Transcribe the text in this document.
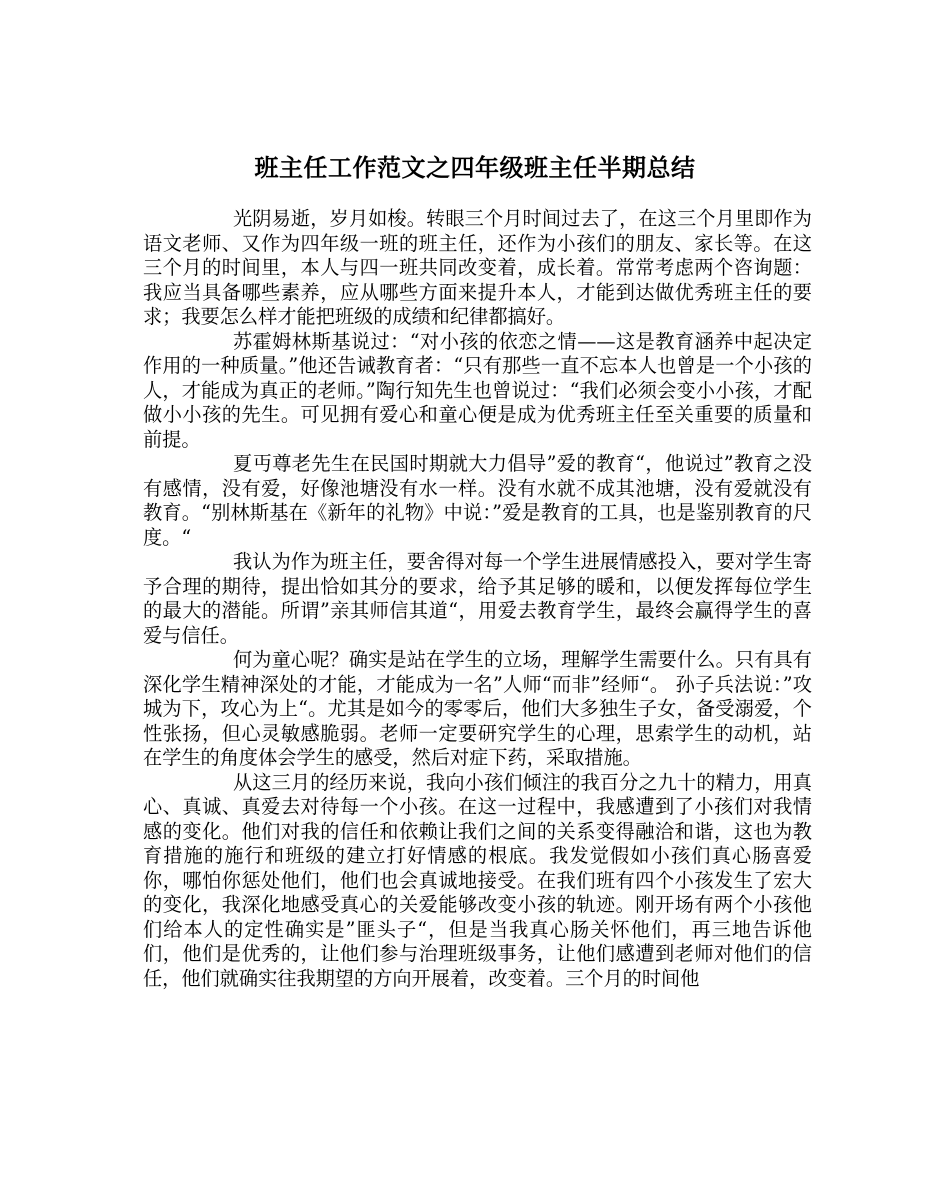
班主任工作范文之四年级班主任半期总结

光阴易逝，岁月如梭。转眼三个月时间过去了，在这三个月里即作为语文老师、又作为四年级一班的班主任，还作为小孩们的朋友、家长等。在这三个月的时间里，本人与四一班共同改变着，成长着。常常考虑两个咨询题：我应当具备哪些素养，应从哪些方面来提升本人，才能到达做优秀班主任的要求；我要怎么样才能把班级的成绩和纪律都搞好。

苏霍姆林斯基说过：“对小孩的依恋之情——这是教育涵养中起决定作用的一种质量。”他还告诫教育者：“只有那些一直不忘本人也曾是一个小孩的人，才能成为真正的老师。”陶行知先生也曾说过：“我们必须会变小小孩，才配做小小孩的先生。可见拥有爱心和童心便是成为优秀班主任至关重要的质量和前提。

夏丏尊老先生在民国时期就大力倡导”爱的教育“，他说过”教育之没有感情，没有爱，好像池塘没有水一样。没有水就不成其池塘，没有爱就没有教育。“别林斯基在《新年的礼物》中说：”爱是教育的工具，也是鉴别教育的尺度。“

我认为作为班主任，要舍得对每一个学生进展情感投入，要对学生寄予合理的期待，提出恰如其分的要求，给予其足够的暖和，以便发挥每位学生的最大的潜能。所谓”亲其师信其道“，用爱去教育学生，最终会赢得学生的喜爱与信任。

何为童心呢？确实是站在学生的立场，理解学生需要什么。只有具有深化学生精神深处的才能，才能成为一名”人师“而非”经师“。 孙子兵法说：”攻城为下，攻心为上“。尤其是如今的零零后，他们大多独生子女，备受溺爱，个性张扬，但心灵敏感脆弱。老师一定要研究学生的心理，思索学生的动机，站在学生的角度体会学生的感受，然后对症下药，采取措施。

从这三月的经历来说，我向小孩们倾注的我百分之九十的精力，用真心、真诚、真爱去对待每一个小孩。在这一过程中，我感遭到了小孩们对我情感的变化。他们对我的信任和依赖让我们之间的关系变得融洽和谐，这也为教育措施的施行和班级的建立打好情感的根底。我发觉假如小孩们真心肠喜爱你，哪怕你惩处他们，他们也会真诚地接受。在我们班有四个小孩发生了宏大的变化，我深化地感受真心的关爱能够改变小孩的轨迹。刚开场有两个小孩他们给本人的定性确实是”匪头子“，但是当我真心肠关怀他们，再三地告诉他们，他们是优秀的，让他们参与治理班级事务，让他们感遭到老师对他们的信任，他们就确实往我期望的方向开展着，改变着。三个月的时间他
